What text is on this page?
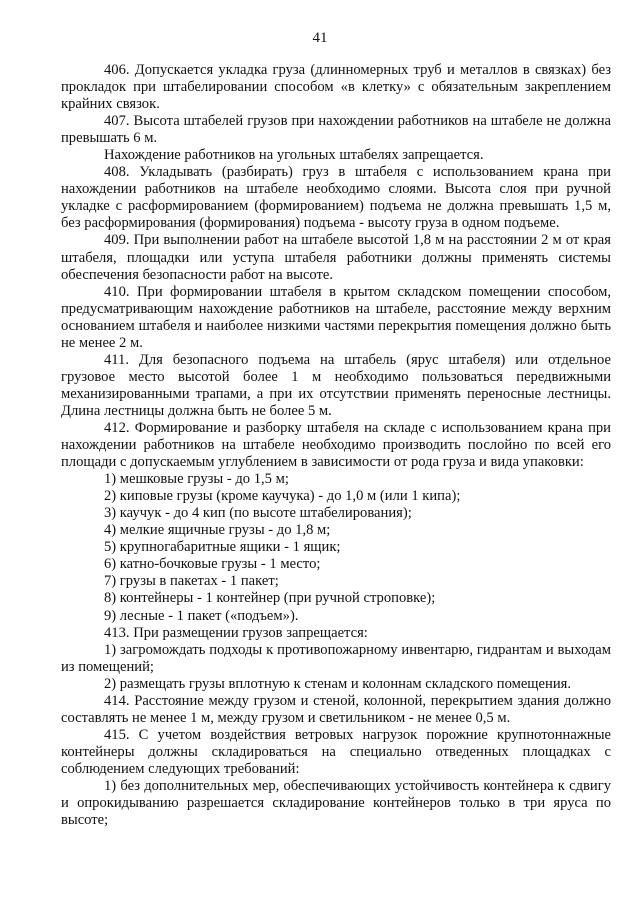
41

406. Допускается укладка груза (длинномерных труб и металлов в связках) без прокладок при штабелировании способом «в клетку» с обязательным закреплением крайних связок.

407. Высота штабелей грузов при нахождении работников на штабеле не должна превышать 6 м.

Нахождение работников на угольных штабелях запрещается.

408. Укладывать (разбирать) груз в штабеля с использованием крана при нахождении работников на штабеле необходимо слоями. Высота слоя при ручной укладке с расформированием (формированием) подъема не должна превышать 1,5 м, без расформирования (формирования) подъема - высоту груза в одном подъеме.

409. При выполнении работ на штабеле высотой 1,8 м на расстоянии 2 м от края штабеля, площадки или уступа штабеля работники должны применять системы обеспечения безопасности работ на высоте.

410. При формировании штабеля в крытом складском помещении способом, предусматривающим нахождение работников на штабеле, расстояние между верхним основанием штабеля и наиболее низкими частями перекрытия помещения должно быть не менее 2 м.

411. Для безопасного подъема на штабель (ярус штабеля) или отдельное грузовое место высотой более 1 м необходимо пользоваться передвижными механизированными трапами, а при их отсутствии применять переносные лестницы. Длина лестницы должна быть не более 5 м.

412. Формирование и разборку штабеля на складе с использованием крана при нахождении работников на штабеле необходимо производить послойно по всей его площади с допускаемым углублением в зависимости от рода груза и вида упаковки:

1) мешковые грузы - до 1,5 м;

2) киповые грузы (кроме каучука) - до 1,0 м (или 1 кипа);

3) каучук - до 4 кип (по высоте штабелирования);

4) мелкие ящичные грузы - до 1,8 м;

5) крупногабаритные ящики - 1 ящик;

6) катно-бочковые грузы - 1 место;

7) грузы в пакетах - 1 пакет;

8) контейнеры - 1 контейнер (при ручной строповке);

9) лесные - 1 пакет («подъем»).

413. При размещении грузов запрещается:

1) загромождать подходы к противопожарному инвентарю, гидрантам и выходам из помещений;

2) размещать грузы вплотную к стенам и колоннам складского помещения.

414. Расстояние между грузом и стеной, колонной, перекрытием здания должно составлять не менее 1 м, между грузом и светильником - не менее 0,5 м.

415. С учетом воздействия ветровых нагрузок порожние крупнотоннажные контейнеры должны складироваться на специально отведенных площадках с соблюдением следующих требований:

1) без дополнительных мер, обеспечивающих устойчивость контейнера к сдвигу и опрокидыванию разрешается складирование контейнеров только в три яруса по высоте;
